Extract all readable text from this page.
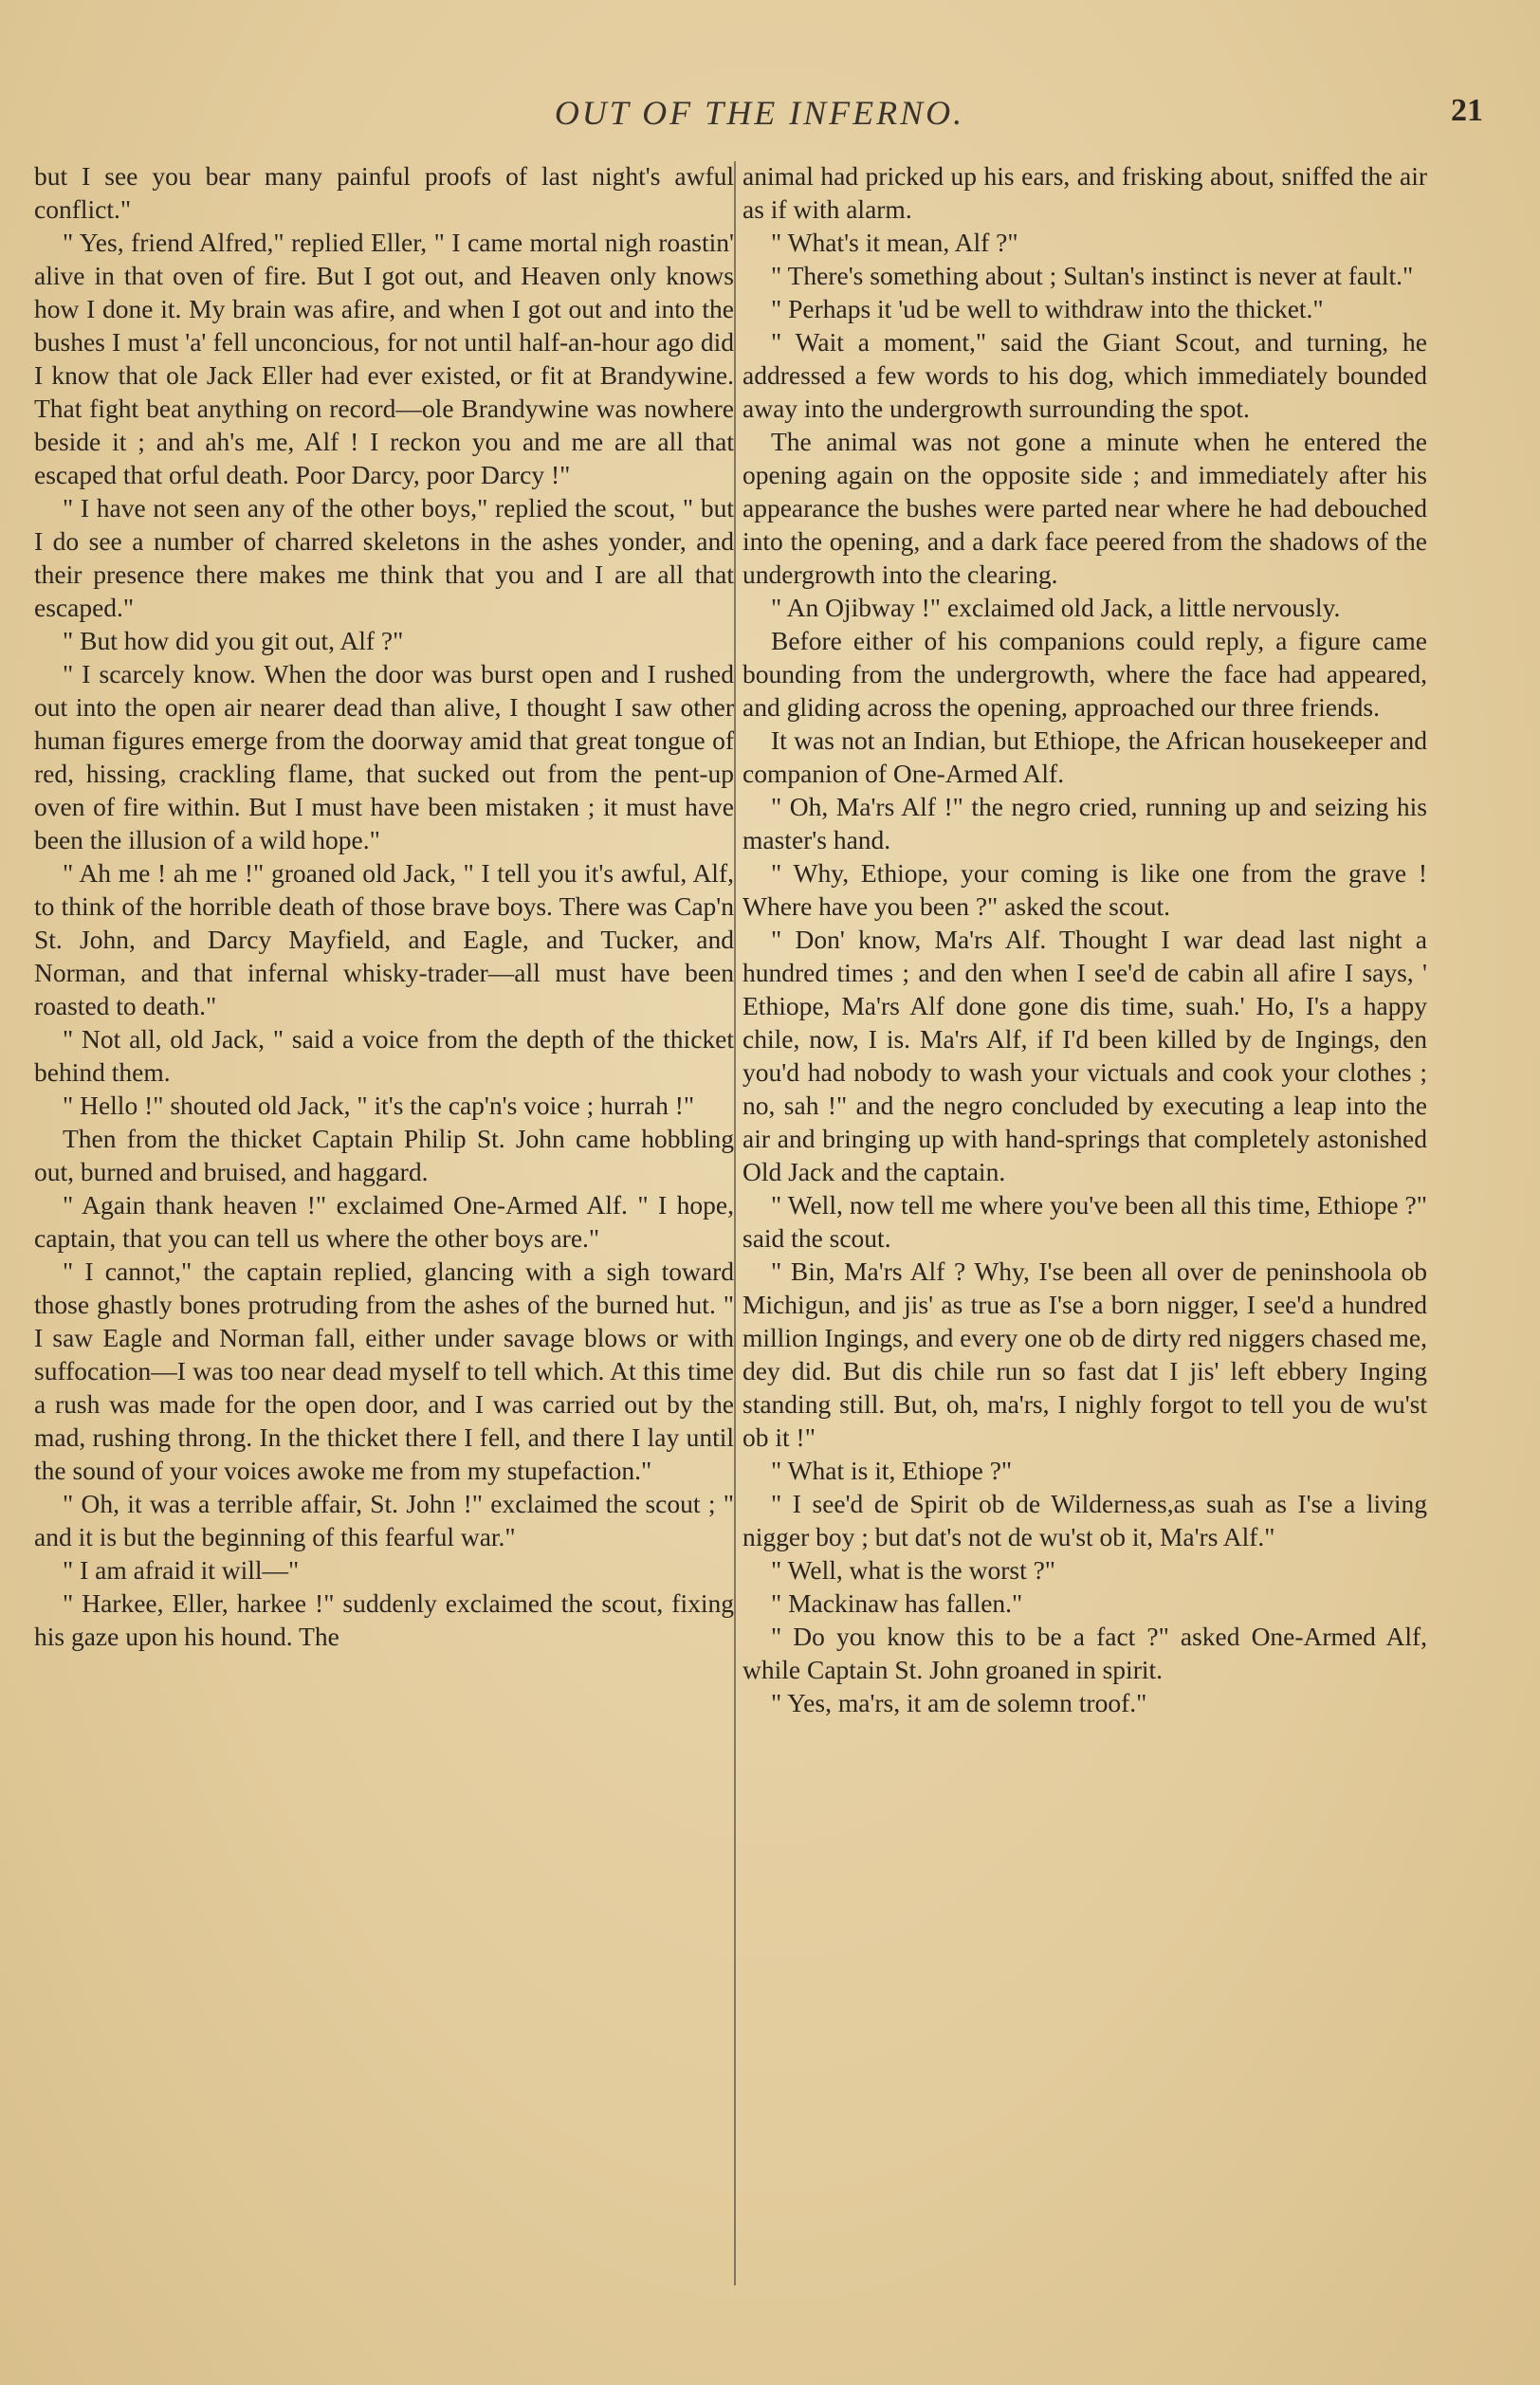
OUT OF THE INFERNO.	21

but I see you bear many painful proofs of last night's awful conflict."

" Yes, friend Alfred," replied Eller, " I came mortal nigh roastin' alive in that oven of fire. But I got out, and Heaven only knows how I done it. My brain was afire, and when I got out and into the bushes I must 'a' fell unconcious, for not until half-an-hour ago did I know that ole Jack Eller had ever existed, or fit at Brandywine. That fight beat anything on record—ole Brandywine was nowhere beside it ; and ah's me, Alf ! I reckon you and me are all that escaped that orful death. Poor Darcy, poor Darcy !"

" I have not seen any of the other boys," replied the scout, " but I do see a number of charred skeletons in the ashes yonder, and their presence there makes me think that you and I are all that escaped."

" But how did you git out, Alf ?"

" I scarcely know. When the door was burst open and I rushed out into the open air nearer dead than alive, I thought I saw other human figures emerge from the doorway amid that great tongue of red, hissing, crackling flame, that sucked out from the pent-up oven of fire within. But I must have been mistaken ; it must have been the illusion of a wild hope."

" Ah me ! ah me !" groaned old Jack, " I tell you it's awful, Alf, to think of the horrible death of those brave boys. There was Cap'n St. John, and Darcy Mayfield, and Eagle, and Tucker, and Norman, and that infernal whisky-trader—all must have been roasted to death."

" Not all, old Jack, " said a voice from the depth of the thicket behind them.

" Hello !" shouted old Jack, " it's the cap'n's voice ; hurrah !"

Then from the thicket Captain Philip St. John came hobbling out, burned and bruised, and haggard.

" Again thank heaven !" exclaimed One-Armed Alf. " I hope, captain, that you can tell us where the other boys are."

" I cannot," the captain replied, glancing with a sigh toward those ghastly bones protruding from the ashes of the burned hut. " I saw Eagle and Norman fall, either under savage blows or with suffocation—I was too near dead myself to tell which. At this time a rush was made for the open door, and I was carried out by the mad, rushing throng. In the thicket there I fell, and there I lay until the sound of your voices awoke me from my stupefaction."

" Oh, it was a terrible affair, St. John !" exclaimed the scout ; " and it is but the beginning of this fearful war."

" I am afraid it will—"

" Harkee, Eller, harkee !" suddenly exclaimed the scout, fixing his gaze upon his hound. The

animal had pricked up his ears, and frisking about, sniffed the air as if with alarm.

" What's it mean, Alf ?"

" There's something about ; Sultan's instinct is never at fault."

" Perhaps it 'ud be well to withdraw into the thicket."

" Wait a moment," said the Giant Scout, and turning, he addressed a few words to his dog, which immediately bounded away into the undergrowth surrounding the spot.

The animal was not gone a minute when he entered the opening again on the opposite side ; and immediately after his appearance the bushes were parted near where he had debouched into the opening, and a dark face peered from the shadows of the undergrowth into the clearing.

" An Ojibway !" exclaimed old Jack, a little nervously.

Before either of his companions could reply, a figure came bounding from the undergrowth, where the face had appeared, and gliding across the opening, approached our three friends.

It was not an Indian, but Ethiope, the African housekeeper and companion of One-Armed Alf.

" Oh, Ma'rs Alf !" the negro cried, running up and seizing his master's hand.

" Why, Ethiope, your coming is like one from the grave ! Where have you been ?" asked the scout.

" Don' know, Ma'rs Alf. Thought I war dead last night a hundred times ; and den when I see'd de cabin all afire I says, ' Ethiope, Ma'rs Alf done gone dis time, suah.' Ho, I's a happy chile, now, I is. Ma'rs Alf, if I'd been killed by de Ingings, den you'd had nobody to wash your victuals and cook your clothes ; no, sah !" and the negro concluded by executing a leap into the air and bringing up with hand-springs that completely astonished Old Jack and the captain.

" Well, now tell me where you've been all this time, Ethiope ?" said the scout.

" Bin, Ma'rs Alf ? Why, I'se been all over de peninshoola ob Michigun, and jis' as true as I'se a born nigger, I see'd a hundred million Ingings, and every one ob de dirty red niggers chased me, dey did. But dis chile run so fast dat I jis' left ebbery Inging standing still. But, oh, ma'rs, I nighly forgot to tell you de wu'st ob it !"

" What is it, Ethiope ?"

" I see'd de Spirit ob de Wilderness,as suah as I'se a living nigger boy ; but dat's not de wu'st ob it, Ma'rs Alf."

" Well, what is the worst ?"

" Mackinaw has fallen."

" Do you know this to be a fact ?" asked One-Armed Alf, while Captain St. John groaned in spirit.

" Yes, ma'rs, it am de solemn troof."
